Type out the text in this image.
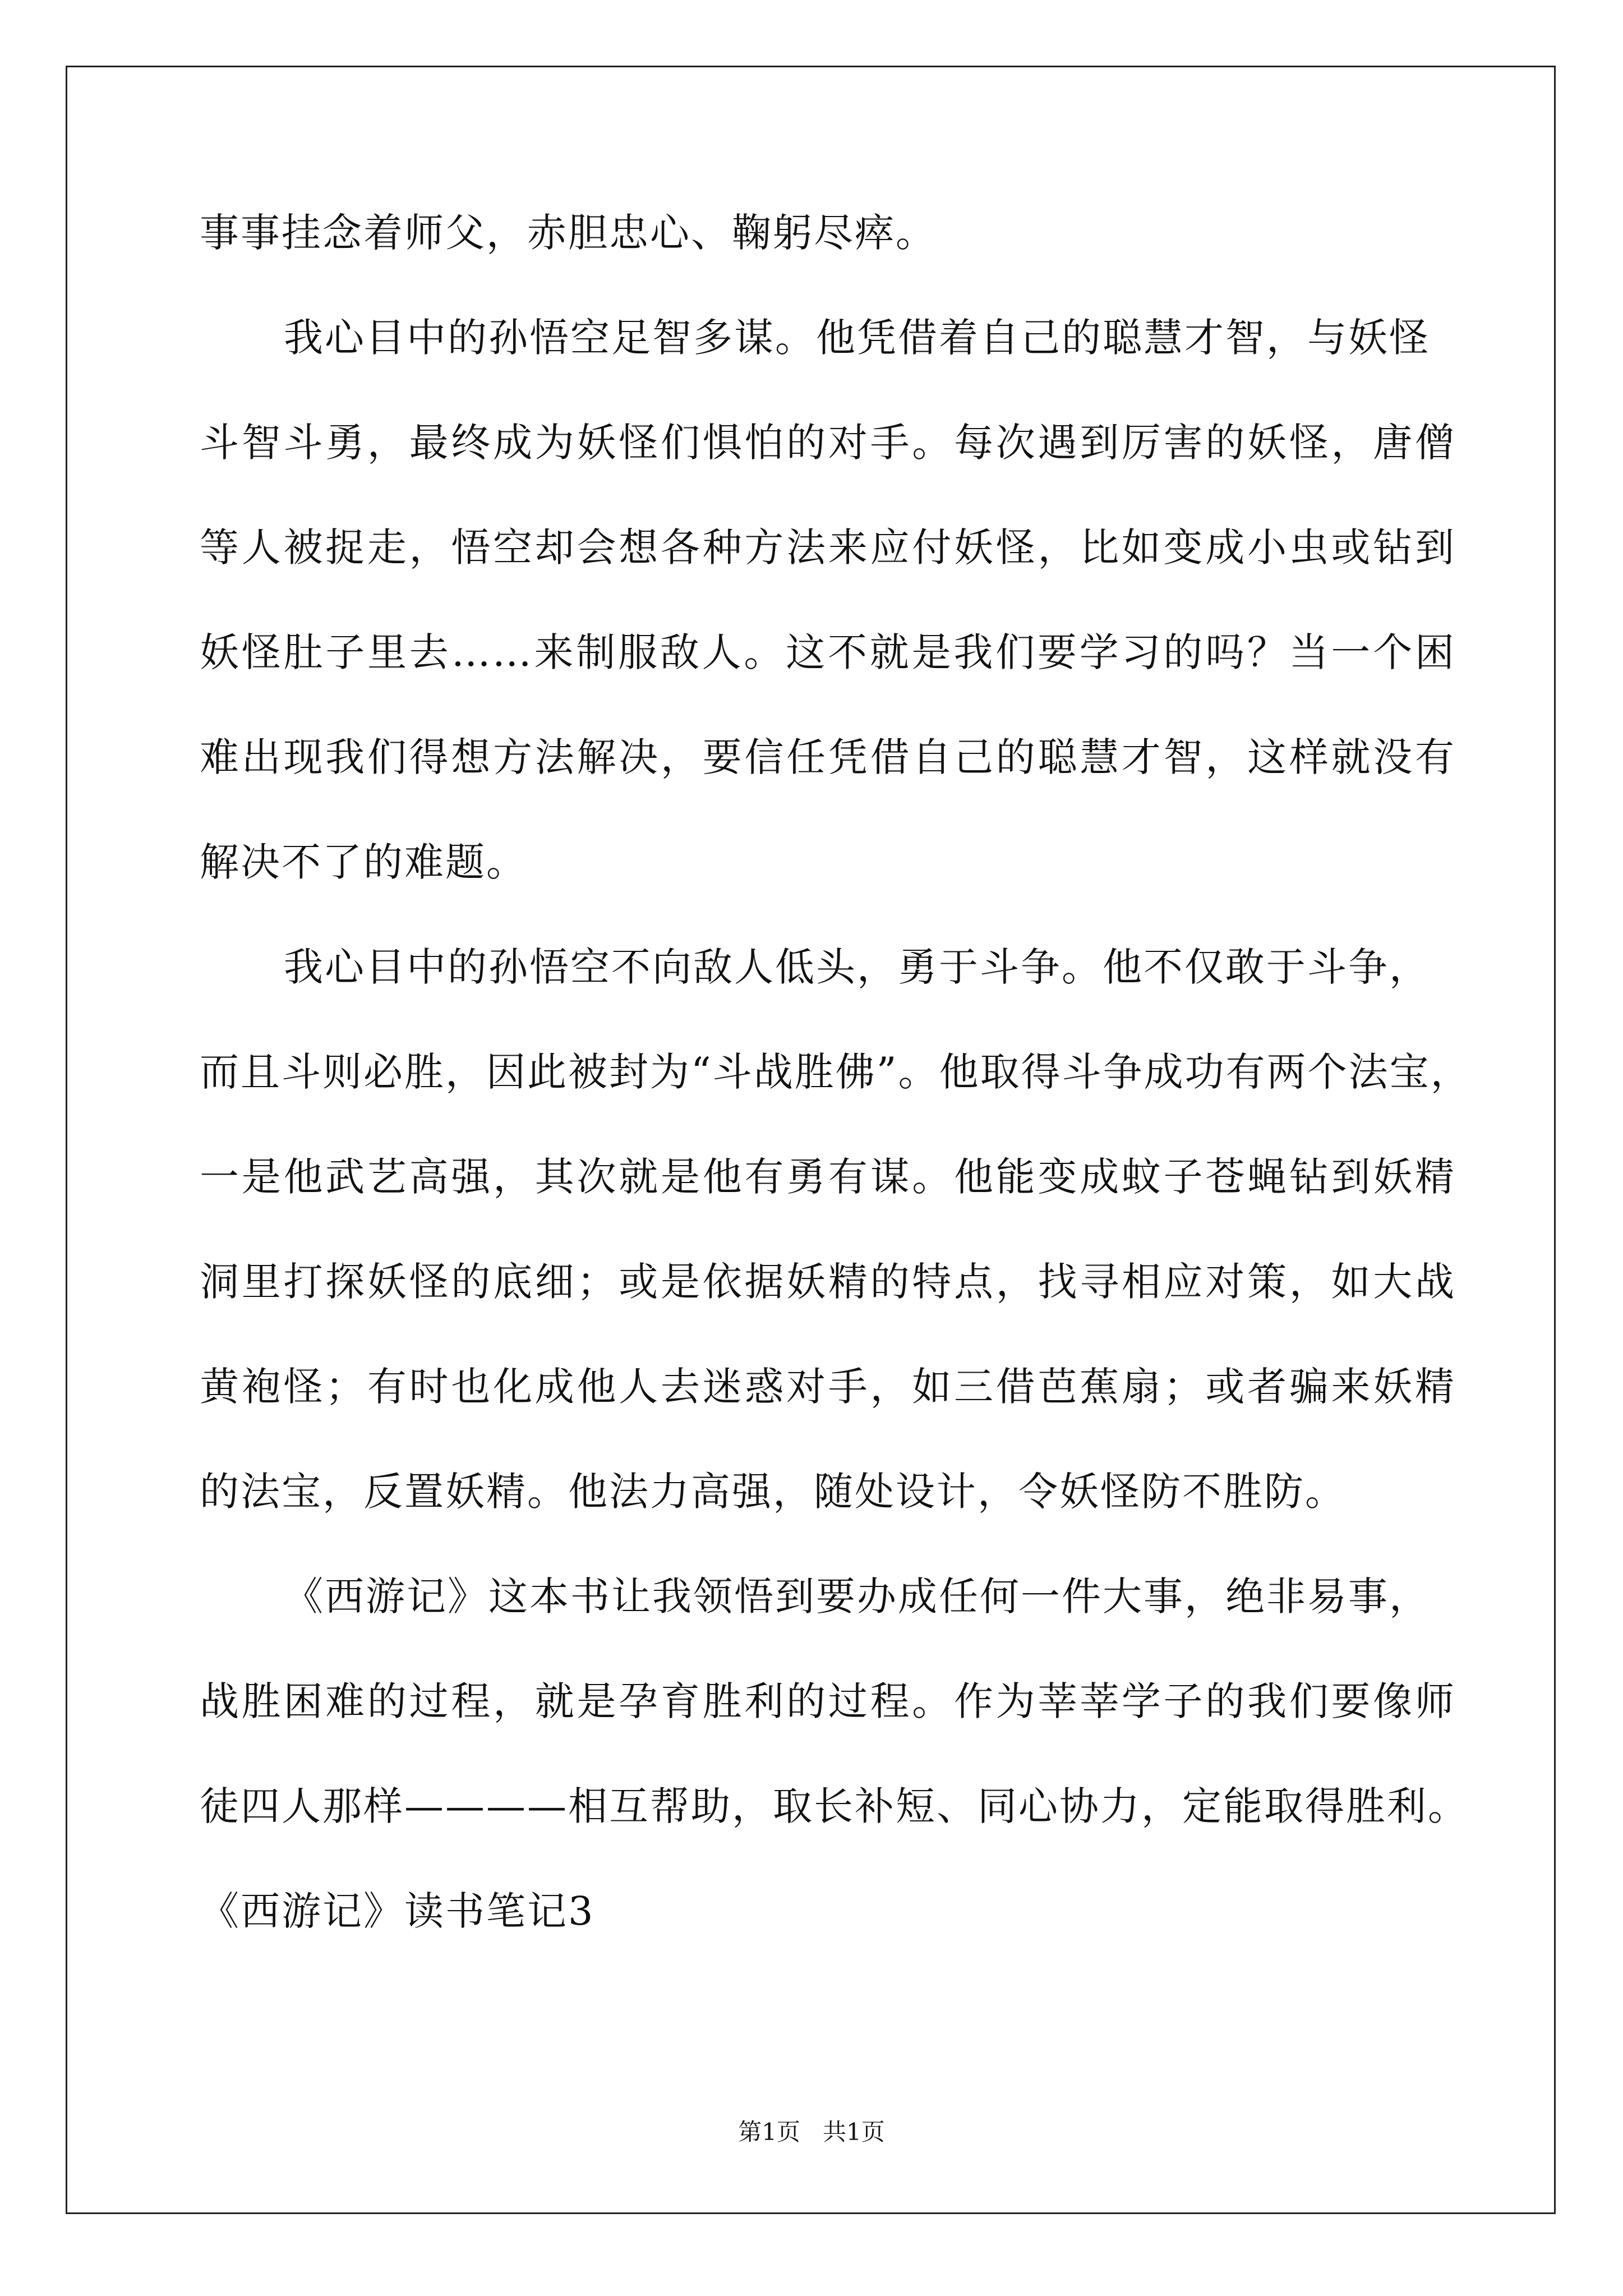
事事挂念着师父，赤胆忠心、鞠躬尽瘁。

我心目中的孙悟空足智多谋。他凭借着自己的聪慧才智，与妖怪

斗智斗勇，最终成为妖怪们惧怕的对手。每次遇到厉害的妖怪，唐僧

等人被捉走，悟空却会想各种方法来应付妖怪，比如变成小虫或钻到

妖怪肚子里去……来制服敌人。这不就是我们要学习的吗？当一个困

难出现我们得想方法解决，要信任凭借自己的聪慧才智，这样就没有

解决不了的难题。

我心目中的孙悟空不向敌人低头，勇于斗争。他不仅敢于斗争，

而且斗则必胜，因此被封为“斗战胜佛”。他取得斗争成功有两个法宝，

一是他武艺高强，其次就是他有勇有谋。他能变成蚊子苍蝇钻到妖精

洞里打探妖怪的底细；或是依据妖精的特点，找寻相应对策，如大战

黄袍怪；有时也化成他人去迷惑对手，如三借芭蕉扇；或者骗来妖精

的法宝，反置妖精。他法力高强，随处设计，令妖怪防不胜防。

《西游记》这本书让我领悟到要办成任何一件大事，绝非易事，

战胜困难的过程，就是孕育胜利的过程。作为莘莘学子的我们要像师

徒四人那样————相互帮助，取长补短、同心协力，定能取得胜利。

《西游记》读书笔记3

第1页   共1页
